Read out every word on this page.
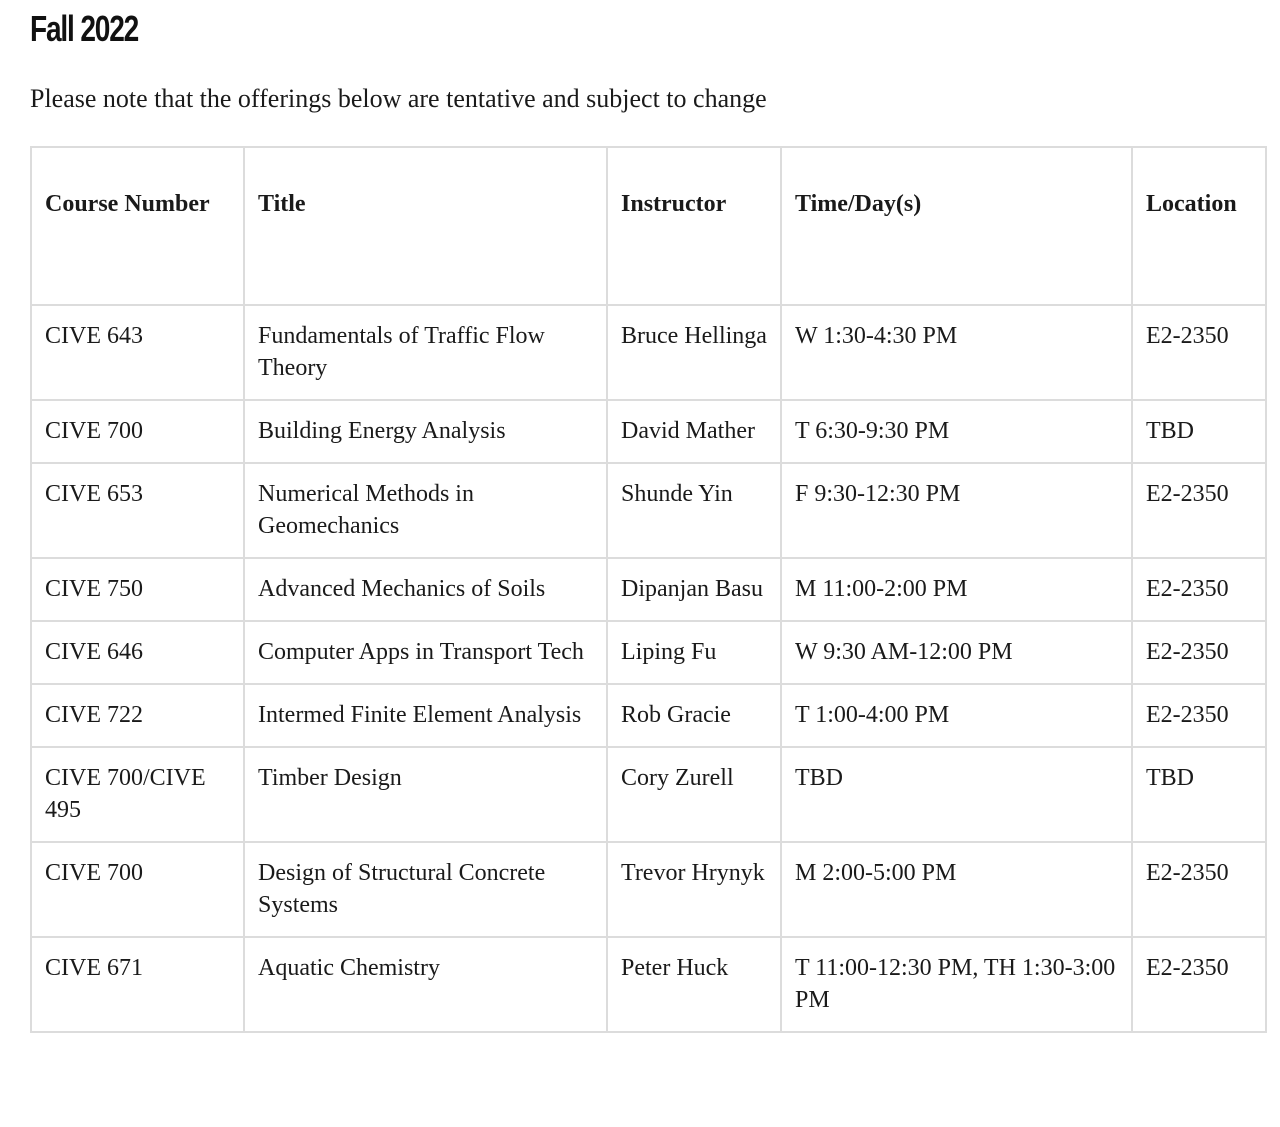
Fall 2022

Please note that the offerings below are tentative and subject to change

Course Number	Title	Instructor	Time/Day(s)	Location
CIVE 643	Fundamentals of Traffic Flow Theory	Bruce Hellinga	W 1:30-4:30 PM	E2-2350
CIVE 700	Building Energy Analysis	David Mather	T 6:30-9:30 PM	TBD
CIVE 653	Numerical Methods in Geomechanics	Shunde Yin	F 9:30-12:30 PM	E2-2350
CIVE 750	Advanced Mechanics of Soils	Dipanjan Basu	M 11:00-2:00 PM	E2-2350
CIVE 646	Computer Apps in Transport Tech	Liping Fu	W 9:30 AM-12:00 PM	E2-2350
CIVE 722	Intermed Finite Element Analysis	Rob Gracie	T 1:00-4:00 PM	E2-2350
CIVE 700/CIVE 495	Timber Design	Cory Zurell	TBD	TBD
CIVE 700	Design of Structural Concrete Systems	Trevor Hrynyk	M 2:00-5:00 PM	E2-2350
CIVE 671	Aquatic Chemistry	Peter Huck	T 11:00-12:30 PM, TH 1:30-3:00 PM	E2-2350
